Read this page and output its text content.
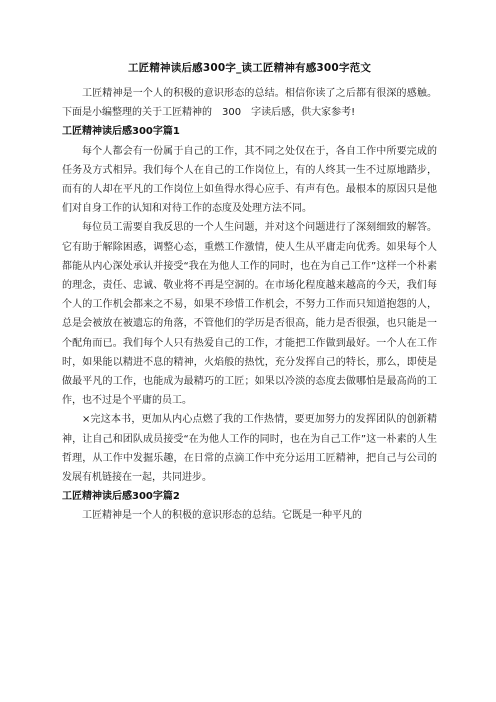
工匠精神读后感300字_读工匠精神有感300字范文

工匠精神是一个人的积极的意识形态的总结。相信你读了之后都有很深的感触。下面是小编整理的关于工匠精神的　300　字读后感，供大家参考!

工匠精神读后感300字篇1

每个人都会有一份属于自己的工作，其不同之处仅在于，各自工作中所要完成的任务及方式相异。我们每个人在自己的工作岗位上，有的人终其一生不过原地踏步，而有的人却在平凡的工作岗位上如鱼得水得心应手、有声有色。最根本的原因只是他们对自身工作的认知和对待工作的态度及处理方法不同。

每位员工需要自我反思的一个人生问题，并对这个问题进行了深刻细致的解答。它有助于解除困惑，调整心态，重燃工作激情，使人生从平庸走向优秀。如果每个人都能从内心深处承认并接受“我在为他人工作的同时，也在为自己工作”这样一个朴素的理念，责任、忠诚、敬业将不再是空洞的。在市场化程度越来越高的今天，我们每个人的工作机会都来之不易，如果不珍惜工作机会，不努力工作而只知道抱怨的人，总是会被放在被遗忘的角落，不管他们的学历是否很高，能力是否很强，也只能是一个配角而已。我们每个人只有热爱自己的工作，才能把工作做到最好。一个人在工作时，如果能以精进不息的精神，火焰般的热忱，充分发挥自己的特长，那么，即使是做最平凡的工作，也能成为最精巧的工匠；如果以冷淡的态度去做哪怕是最高尚的工作，也不过是个平庸的员工。

×完这本书，更加从内心点燃了我的工作热情，要更加努力的发挥团队的创新精神，让自己和团队成员接受“在为他人工作的同时，也在为自己工作”这一朴素的人生哲理，从工作中发掘乐趣，在日常的点滴工作中充分运用工匠精神，把自己与公司的发展有机链接在一起，共同进步。

工匠精神读后感300字篇2

工匠精神是一个人的积极的意识形态的总结。它既是一种平凡的
